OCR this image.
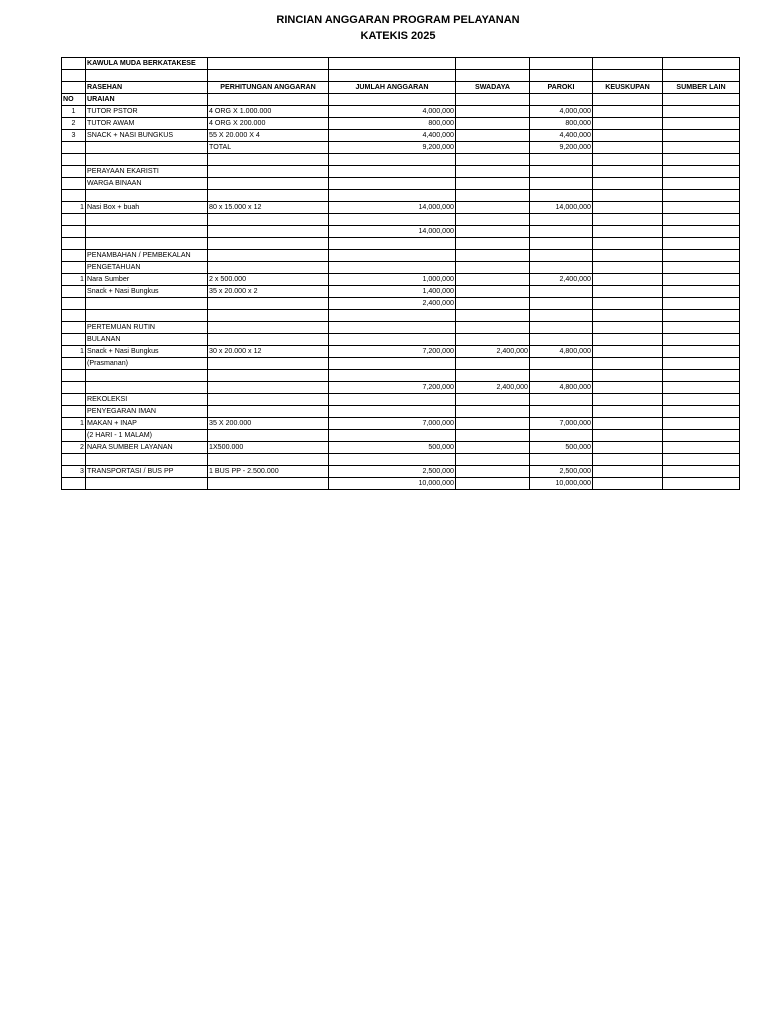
RINCIAN ANGGARAN PROGRAM PELAYANAN
KATEKIS 2025
	KAWULA MUDA BERKATAKESE						

	RASEHAN	PERHITUNGAN ANGGARAN	JUMLAH ANGGARAN	SWADAYA	PAROKI	KEUSKUPAN	SUMBER LAIN
NO	URAIAN						
1	TUTOR PSTOR	4 ORG X 1.000.000	4,000,000		4,000,000		
2	TUTOR AWAM	4 ORG X 200.000	800,000		800,000		
3	SNACK + NASI BUNGKUS	55 X 20.000 X 4	4,400,000		4,400,000		
		TOTAL	9,200,000		9,200,000		

	PERAYAAN EKARISTI						
	WARGA BINAAN						

1	Nasi Box + buah	80 x 15.000 x 12	14,000,000		14,000,000		

			14,000,000				

	PENAMBAHAN / PEMBEKALAN						
	PENGETAHUAN						
1	Nara Sumber	2 x 500.000	1,000,000		2,400,000		
	Snack + Nasi Bungkus	35 x 20.000 x 2	1,400,000				
			2,400,000				

	PERTEMUAN RUTIN						
	BULANAN						
1	Snack + Nasi Bungkus	30 x 20.000 x 12	7,200,000	2,400,000	4,800,000		
	(Prasmanan)						

			7,200,000	2,400,000	4,800,000		
	REKOLEKSI						
	PENYEGARAN IMAN						
1	MAKAN + INAP	35 X 200.000	7,000,000		7,000,000		
	(2 HARI - 1 MALAM)						
2	NARA SUMBER LAYANAN	1X500.000	500,000		500,000		

3	TRANSPORTASI / BUS PP	1 BUS PP - 2.500.000	2,500,000		2,500,000		
			10,000,000		10,000,000		
